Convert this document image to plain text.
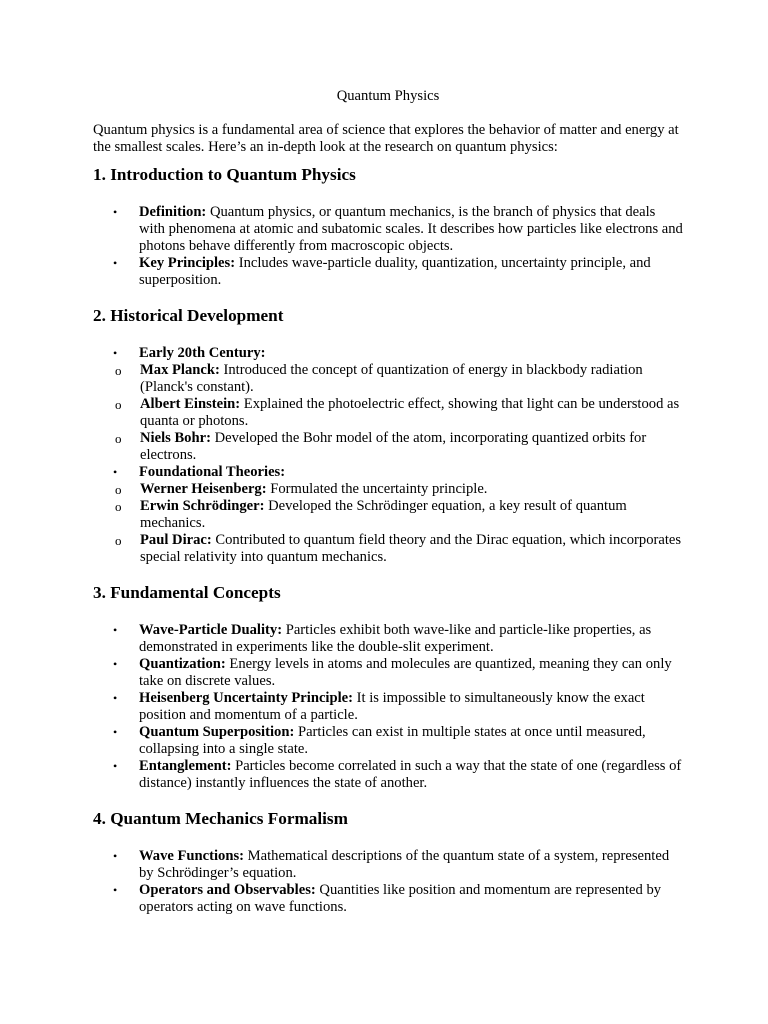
Quantum Physics

Quantum physics is a fundamental area of science that explores the behavior of matter and energy at the smallest scales. Here’s an in-depth look at the research on quantum physics:

1. Introduction to Quantum Physics
• Definition: Quantum physics, or quantum mechanics, is the branch of physics that deals with phenomena at atomic and subatomic scales. It describes how particles like electrons and photons behave differently from macroscopic objects.
• Key Principles: Includes wave-particle duality, quantization, uncertainty principle, and superposition.
2. Historical Development
• Early 20th Century:
o Max Planck: Introduced the concept of quantization of energy in blackbody radiation (Planck's constant).
o Albert Einstein: Explained the photoelectric effect, showing that light can be understood as quanta or photons.
o Niels Bohr: Developed the Bohr model of the atom, incorporating quantized orbits for electrons.
• Foundational Theories:
o Werner Heisenberg: Formulated the uncertainty principle.
o Erwin Schrödinger: Developed the Schrödinger equation, a key result of quantum mechanics.
o Paul Dirac: Contributed to quantum field theory and the Dirac equation, which incorporates special relativity into quantum mechanics.
3. Fundamental Concepts
• Wave-Particle Duality: Particles exhibit both wave-like and particle-like properties, as demonstrated in experiments like the double-slit experiment.
• Quantization: Energy levels in atoms and molecules are quantized, meaning they can only take on discrete values.
• Heisenberg Uncertainty Principle: It is impossible to simultaneously know the exact position and momentum of a particle.
• Quantum Superposition: Particles can exist in multiple states at once until measured, collapsing into a single state.
• Entanglement: Particles become correlated in such a way that the state of one (regardless of distance) instantly influences the state of another.
4. Quantum Mechanics Formalism
• Wave Functions: Mathematical descriptions of the quantum state of a system, represented by Schrödinger’s equation.
• Operators and Observables: Quantities like position and momentum are represented by operators acting on wave functions.
